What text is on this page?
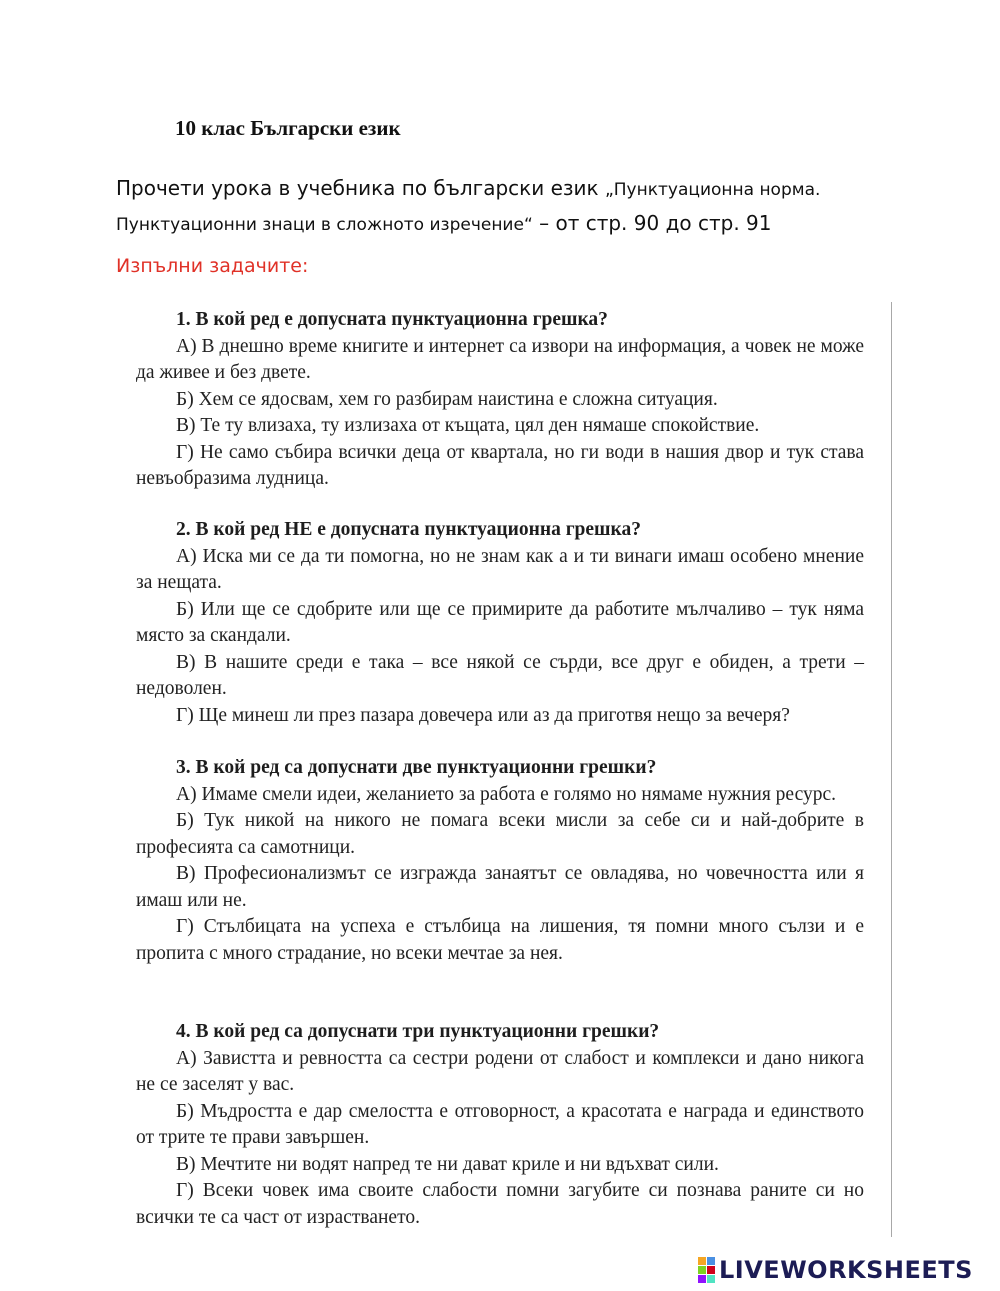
10 клас Български език
Прочети урока в учебника по български език „Пунктуационна норма. Пунктуационни знаци в сложното изречение“ – от стр. 90 до стр. 91
Изпълни задачите:
1. В кой ред е допусната пунктуационна грешка?
А) В днешно време книгите и интернет са извори на информация, а човек не може да живее и без двете.
Б) Хем се ядосвам, хем го разбирам наистина е сложна ситуация.
В) Те ту влизаха, ту излизаха от къщата, цял ден нямаше спокойствие.
Г) Не само събира всички деца от квартала, но ги води в нашия двор и тук става невъобразима лудница.
2. В кой ред НЕ е допусната пунктуационна грешка?
А) Иска ми се да ти помогна, но не знам как а и ти винаги имаш особено мнение за нещата.
Б) Или ще се сдобрите или ще се примирите да работите мълчаливо – тук няма място за скандали.
В) В нашите среди е така – все някой се сърди, все друг е обиден, а трети – недоволен.
Г) Ще минеш ли през пазара довечера или аз да приготвя нещо за вечеря?
3. В кой ред са допуснати две пунктуационни грешки?
А) Имаме смели идеи, желанието за работа е голямо но нямаме нужния ресурс.
Б) Тук никой на никого не помага всеки мисли за себе си и най-добрите в професията са самотници.
В) Професионализмът се изгражда занаятът се овладява, но човечността или я имаш или не.
Г) Стълбицата на успеха е стълбица на лишения, тя помни много сълзи и е пропита с много страдание, но всеки мечтае за нея.
4. В кой ред са допуснати три пунктуационни грешки?
А) Завистта и ревността са сестри родени от слабост и комплекси и дано никога не се заселят у вас.
Б) Мъдростта е дар смелостта е отговорност, а красотата е награда и единството от трите те прави завършен.
В) Мечтите ни водят напред те ни дават криле и ни вдъхват сили.
Г) Всеки човек има своите слабости помни загубите си познава раните си но всички те са част от израстването.
LIVEWORKSHEETS
